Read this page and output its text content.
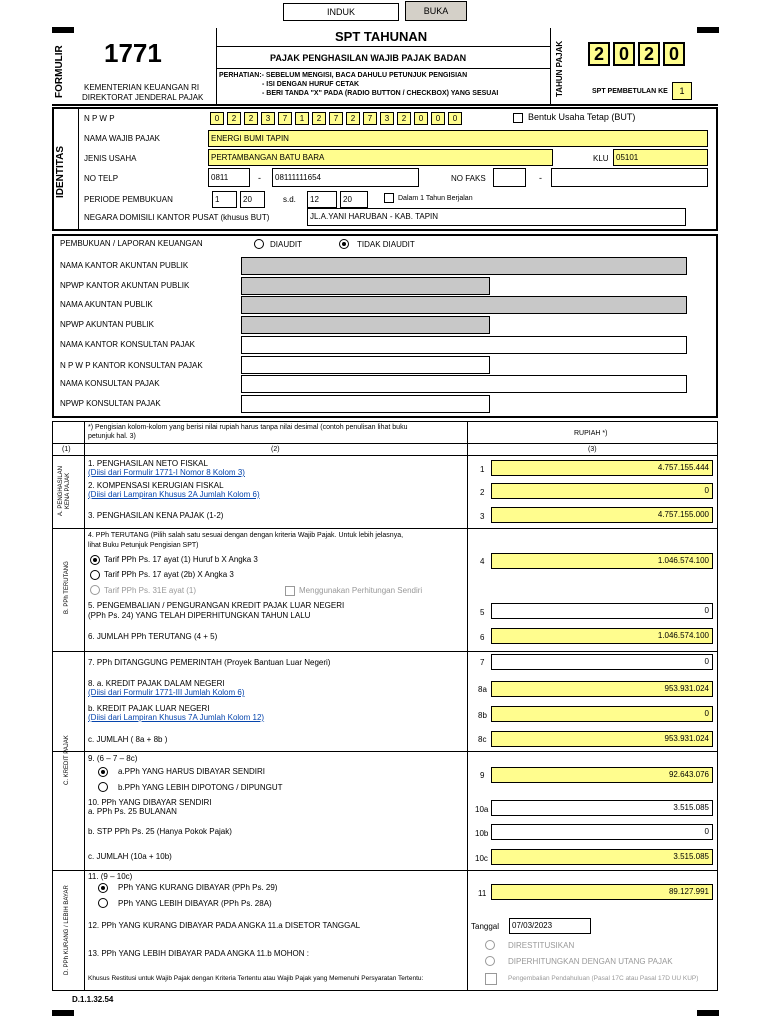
INDUK	BUKA
FORMULIR 1771
KEMENTERIAN KEUANGAN RI
DIREKTORAT JENDERAL PAJAK
SPT TAHUNAN
PAJAK PENGHASILAN WAJIB PAJAK BADAN
PERHATIAN:- SEBELUM MENGISI, BACA DAHULU PETUNJUK PENGISIAN
- ISI DENGAN HURUF CETAK
- BERI TANDA "X" PADA (RADIO BUTTON / CHECKBOX) YANG SESUAI	TAHUN PAJAK	2 0 2 0
SPT PEMBETULAN KE	1
IDENTITAS
N P W P	0	2	2	3	7	1	2	7	2	7	3	2	0	0	0	Bentuk Usaha Tetap (BUT)
NAMA WAJIB PAJAK	ENERGI BUMI TAPIN
JENIS USAHA	PERTAMBANGAN BATU BARA	KLU 05101
NO TELP	0811	-	08111111654	NO FAKS	-
PERIODE PEMBUKUAN	1	20	s.d.	12	20	Dalam 1 Tahun Berjalan
NEGARA DOMISILI KANTOR PUSAT (khusus BUT)	JL.A.YANI HARUBAN - KAB. TAPIN
PEMBUKUAN / LAPORAN KEUANGAN	DIAUDIT	TIDAK DIAUDIT
NAMA KANTOR AKUNTAN PUBLIK
NPWP KANTOR AKUNTAN PUBLIK
NAMA AKUNTAN PUBLIK
NPWP AKUNTAN PUBLIK
NAMA KANTOR KONSULTAN PAJAK
N P W P KANTOR KONSULTAN PAJAK
NAMA KONSULTAN PAJAK
NPWP KONSULTAN PAJAK
*) Pengisian kolom-kolom yang berisi nilai rupiah harus tanpa nilai desimal (contoh penulisan lihat buku
petunjuk hal. 3)	RUPIAH *)
(1)	(2)	(3)
A. PENGHASILAN KENA PAJAK
B. PPh TERUTANG
C. KREDIT PAJAK
D. PPh KURANG / LEBIH BAYAR
1. PENGHASILAN NETO FISKAL
(Diisi dari Formulir 1771-I Nomor 8 Kolom 3)	1	4.757.155.444
2. KOMPENSASI KERUGIAN FISKAL
(Diisi dari Lampiran Khusus 2A Jumlah Kolom 6)	2	0
3. PENGHASILAN KENA PAJAK (1-2)	3	4.757.155.000
4. PPh TERUTANG (Pilih salah satu sesuai dengan dengan kriteria Wajib Pajak. Untuk lebih jelasnya,
lihat Buku Petunjuk Pengisian SPT)
4	1.046.574.100
Tarif PPh Ps. 17 ayat (1) Huruf b X Angka 3
Tarif PPh Ps. 17 ayat (2b) X Angka 3
Tarif PPh Ps. 31E ayat (1)	Menggunakan Perhitungan Sendiri
5. PENGEMBALIAN / PENGURANGAN KREDIT PAJAK LUAR NEGERI
(PPh Ps. 24) YANG TELAH DIPERHITUNGKAN TAHUN LALU	5	0
6. JUMLAH PPh TERUTANG (4 + 5)	6	1.046.574.100
7. PPh DITANGGUNG PEMERINTAH (Proyek Bantuan Luar Negeri)	7	0
8. a. KREDIT PAJAK DALAM NEGERI
(Diisi dari Formulir 1771-III Jumlah Kolom 6)	8a	953.931.024
b. KREDIT PAJAK LUAR NEGERI
(Diisi dari Lampiran Khusus 7A Jumlah Kolom 12)	8b	0
c. JUMLAH ( 8a + 8b )	8c	953.931.024
9. (6 – 7 – 8c)
a.PPh YANG HARUS DIBAYAR SENDIRI
b.PPh YANG LEBIH DIPOTONG / DIPUNGUT
9	92.643.076
10. PPh YANG DIBAYAR SENDIRI
a. PPh Ps. 25 BULANAN	10a	3.515.085
b. STP PPh Ps. 25 (Hanya Pokok Pajak)	10b	0
c. JUMLAH (10a + 10b)	10c	3.515.085
11. (9 – 10c)
PPh YANG KURANG DIBAYAR (PPh Ps. 29)
PPh YANG LEBIH DIBAYAR (PPh Ps. 28A)
11	89.127.991
12. PPh YANG KURANG DIBAYAR PADA ANGKA 11.a DISETOR TANGGAL	Tanggal	07/03/2023
13. PPh YANG LEBIH DIBAYAR PADA ANGKA 11.b MOHON :
DIRESTITUSIKAN
DIPERHITUNGKAN DENGAN UTANG PAJAK
Khusus Restitusi untuk Wajib Pajak dengan Kriteria Tertentu atau Wajib Pajak yang Memenuhi Persyaratan Tertentu:	Pengembalian Pendahuluan (Pasal 17C atau Pasal 17D UU KUP)
D.1.1.32.54
